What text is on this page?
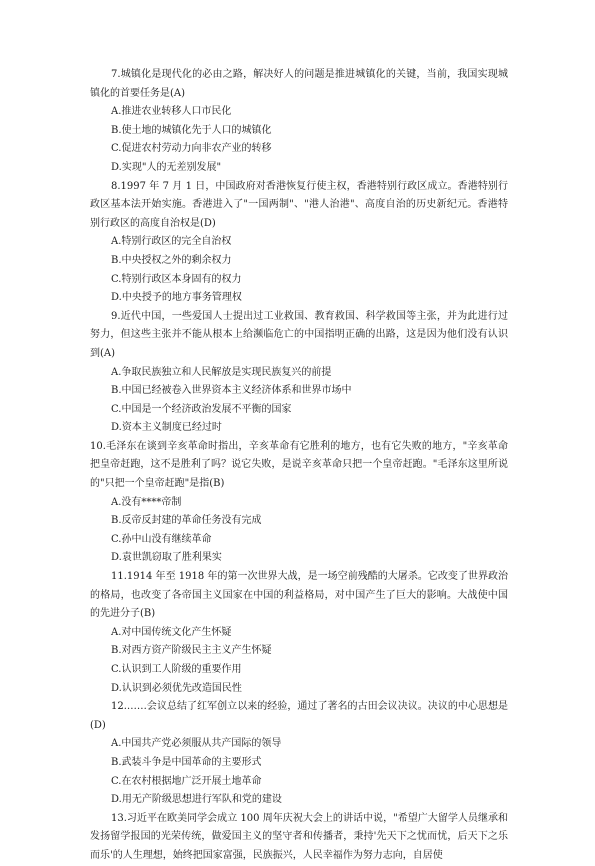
7.城镇化是现代化的必由之路，解决好人的问题是推进城镇化的关键，当前，我国实现城镇化的首要任务是(A)

A.推进农业转移人口市民化

B.使土地的城镇化先于人口的城镇化

C.促进农村劳动力向非农产业的转移

D.实现"人的无差别发展"

8.1997 年 7 月 1 日，中国政府对香港恢复行使主权，香港特别行政区成立。香港特别行政区基本法开始实施。香港进入了"一国两制"、"港人治港"、高度自治的历史新纪元。香港特别行政区的高度自治权是(D)

A.特别行政区的完全自治权

B.中央授权之外的剩余权力

C.特别行政区本身固有的权力

D.中央授予的地方事务管理权

9.近代中国，一些爱国人士提出过工业救国、教育救国、科学救国等主张，并为此进行过努力，但这些主张并不能从根本上给濒临危亡的中国指明正确的出路，这是因为他们没有认识到(A)

A.争取民族独立和人民解放是实现民族复兴的前提

B.中国已经被卷入世界资本主义经济体系和世界市场中

C.中国是一个经济政治发展不平衡的国家

D.资本主义制度已经过时

10.毛泽东在谈到辛亥革命时指出，辛亥革命有它胜利的地方，也有它失败的地方，"辛亥革命把皇帝赶跑，这不是胜利了吗？说它失败，是说辛亥革命只把一个皇帝赶跑。"毛泽东这里所说的"只把一个皇帝赶跑"是指(B)

A.没有****帝制

B.反帝反封建的革命任务没有完成

C.孙中山没有继续革命

D.袁世凯窃取了胜利果实

11.1914 年至 1918 年的第一次世界大战，是一场空前残酷的大屠杀。它改变了世界政治的格局，也改变了各帝国主义国家在中国的利益格局，对中国产生了巨大的影响。大战使中国的先进分子(B)

A.对中国传统文化产生怀疑

B.对西方资产阶级民主主义产生怀疑

C.认识到工人阶级的重要作用

D.认识到必须优先改造国民性

12.……会议总结了红军创立以来的经验，通过了著名的古田会议决议。决议的中心思想是(D)

A.中国共产党必须服从共产国际的领导

B.武装斗争是中国革命的主要形式

C.在农村根据地广泛开展土地革命

D.用无产阶级思想进行军队和党的建设

13.习近平在欧美同学会成立 100 周年庆祝大会上的讲话中说，"希望广大留学人员继承和发扬留学报国的光荣传统，做爱国主义的坚守者和传播者，秉持'先天下之忧而忧，后天下之乐而乐'的人生理想，始终把国家富强，民族振兴，人民幸福作为努力志向，自居使
